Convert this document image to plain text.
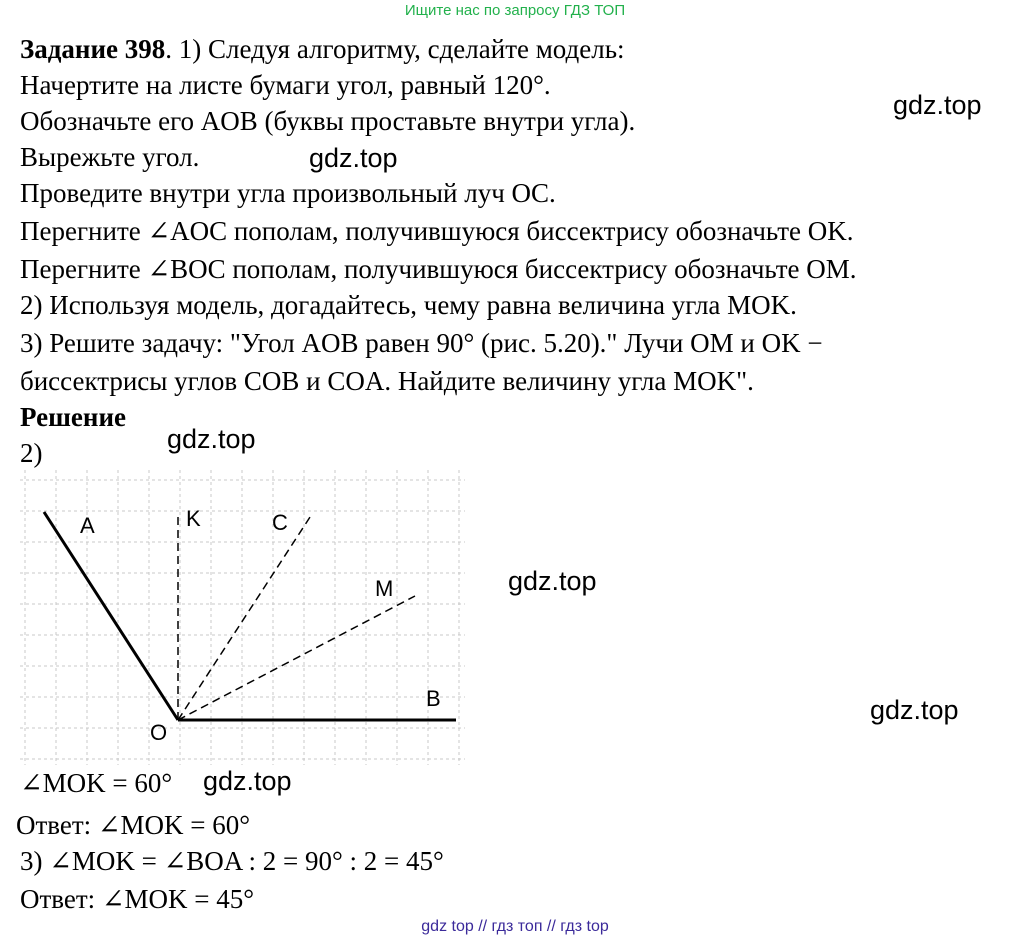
Ищите нас по запросу ГДЗ ТОП
Задание 398. 1) Следуя алгоритму, сделайте модель:
Начертите на листе бумаги угол, равный 120°.
Обозначьте его AOB (буквы проставьте внутри угла).
Вырежьте угол.
Проведите внутри угла произвольный луч OC.
Перегните ∠AOC пополам, получившуюся биссектрису обозначьте OK.
Перегните ∠BOC пополам, получившуюся биссектрису обозначьте OM.
2) Используя модель, догадайтесь, чему равна величина угла MOK.
3) Решите задачу: "Угол AOB равен 90° (рис. 5.20)." Лучи OM и OK −
биссектрисы углов COB и COA. Найдите величину угла MOK".
Решение
2)
A	K	C
M
B
O
∠MOK = 60°
Ответ: ∠MOK = 60°
3) ∠MOK = ∠BOA : 2 = 90° : 2 = 45°
Ответ: ∠MOK = 45°
gdz.top
gdz.top
gdz.top
gdz.top
gdz.top
gdz.top
gdz top // гдз топ // гдз top
